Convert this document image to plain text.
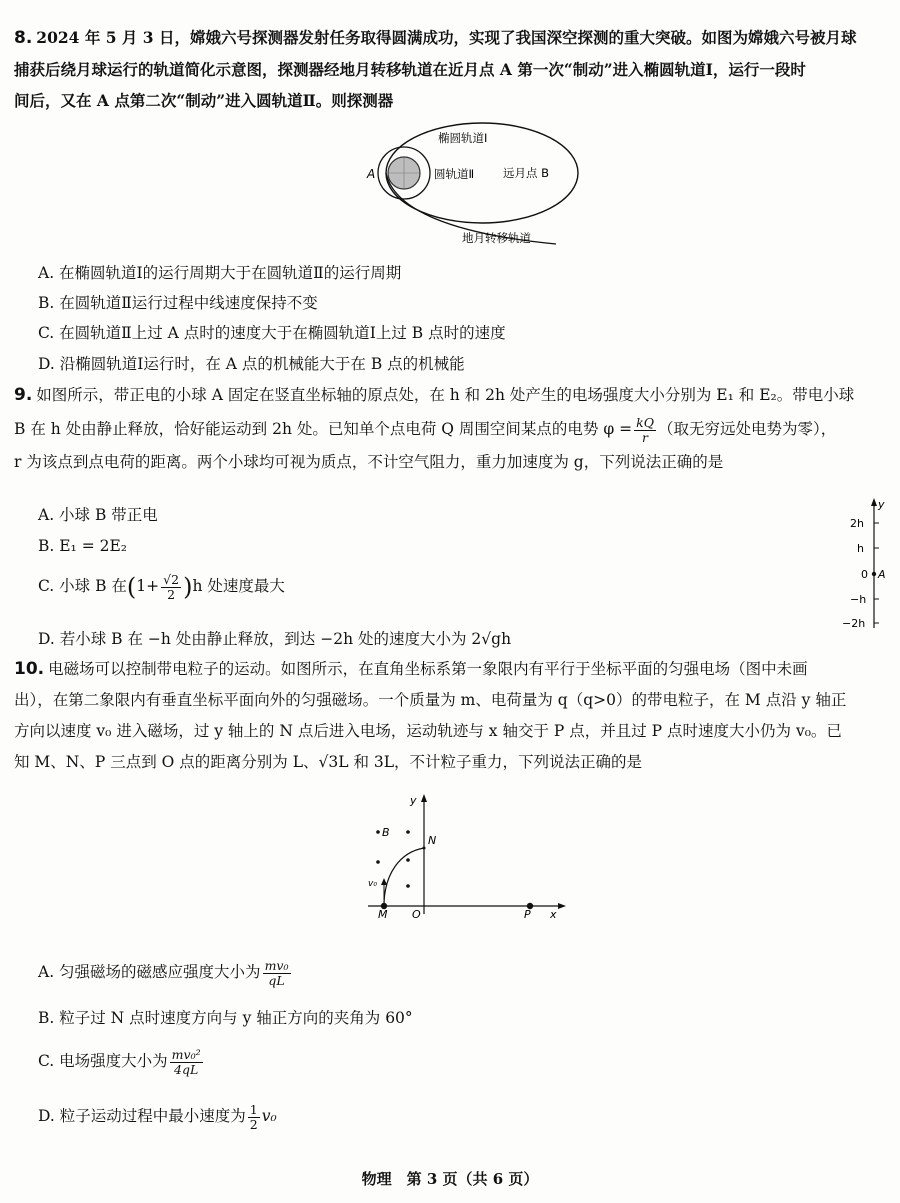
8. 2024 年 5 月 3 日，嫦娥六号探测器发射任务取得圆满成功，实现了我国深空探测的重大突破。如图为嫦娥六号被月球
捕获后绕月球运行的轨道简化示意图，探测器经地月转移轨道在近月点 A 第一次“制动”进入椭圆轨道Ⅰ，运行一段时
间后，又在 A 点第二次“制动”进入圆轨道Ⅱ。则探测器
A
椭圆轨道Ⅰ
圆轨道Ⅱ	远月点 B
地月转移轨道
A. 在椭圆轨道Ⅰ的运行周期大于在圆轨道Ⅱ的运行周期
B. 在圆轨道Ⅱ运行过程中线速度保持不变
C. 在圆轨道Ⅱ上过 A 点时的速度大于在椭圆轨道Ⅰ上过 B 点时的速度
D. 沿椭圆轨道Ⅰ运行时，在 A 点的机械能大于在 B 点的机械能
9. 如图所示，带正电的小球 A 固定在竖直坐标轴的原点处，在 h 和 2h 处产生的电场强度大小分别为 E₁ 和 E₂。带电小球
B 在 h 处由静止释放，恰好能运动到 2h 处。已知单个点电荷 Q 周围空间某点的电势 $\varphi = \frac{kQ}{r}$ （取无穷远处电势为零），
r 为该点到点电荷的距离。两个小球均可视为质点，不计空气阻力，重力加速度为 g，下列说法正确的是
A. 小球 B 带正电
B. E₁ = 2E₂
C. 小球 B 在$(1+ \frac{√2}{2} )h$ 处速度最大
D. 若小球 B 在 −h 处由静止释放，到达 −2h 处的速度大小为 2√gh
y
2h
h
0
−h
−2h
A
10. 电磁场可以控制带电粒子的运动。如图所示，在直角坐标系第一象限内有平行于坐标平面的匀强电场（图中未画
出），在第二象限内有垂直坐标平面向外的匀强磁场。一个质量为 m、电荷量为 q（q>0）的带电粒子，在 M 点沿 y 轴正
方向以速度 v₀ 进入磁场，过 y 轴上的 N 点后进入电场，运动轨迹与 x 轴交于 P 点，并且过 P 点时速度大小仍为 v₀。已
知 M、N、P 三点到 O 点的距离分别为 L、√3L 和 3L，不计粒子重力，下列说法正确的是
y
x
B
N
v₀
M O	P
A. 匀强磁场的磁感应强度大小为 $\frac{\text{mv₀}}{qL}$
B. 粒子过 N 点时速度方向与 y 轴正方向的夹角为 60°
C. 电场强度大小为 $\frac{\text{mv₀²}}{4qL}$
D. 粒子运动过程中最小速度为 $\frac{1}{2} v_0$
物理　第 3 页（共 6 页）
